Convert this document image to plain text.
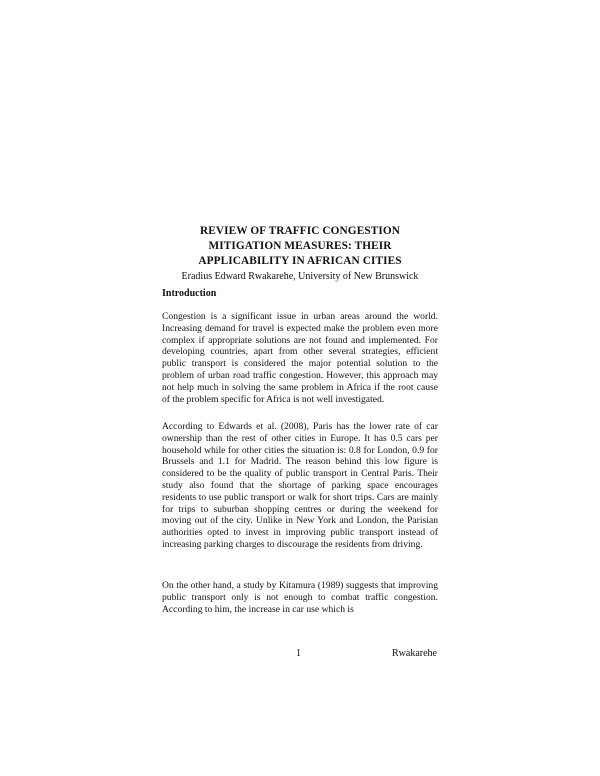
REVIEW OF TRAFFIC CONGESTION
MITIGATION MEASURES: THEIR
APPLICABILITY IN AFRICAN CITIES
Eradius Edward Rwakarehe, University of New Brunswick
Introduction
Congestion is a significant issue in urban areas around the world. Increasing demand for travel is expected make the problem even more complex if appropriate solutions are not found and implemented. For developing countries, apart from other several strategies, efficient public transport is considered the major potential solution to the problem of urban road traffic congestion. However, this approach may not help much in solving the same problem in Africa if the root cause of the problem specific for Africa is not well investigated.
According to Edwards et al. (2008), Paris has the lower rate of car ownership than the rest of other cities in Europe. It has 0.5 cars per household while for other cities the situation is: 0.8 for London, 0.9 for Brussels and 1.1 for Madrid. The reason behind this low figure is considered to be the quality of public transport in Central Paris. Their study also found that the shortage of parking space encourages residents to use public transport or walk for short trips. Cars are mainly for trips to suburban shopping centres or during the weekend for moving out of the city. Unlike in New York and London, the Parisian authorities opted to invest in improving public transport instead of increasing parking charges to discourage the residents from driving.
On the other hand, a study by Kitamura (1989) suggests that improving public transport only is not enough to combat traffic congestion. According to him, the increase in car use which is
1	Rwakarehe
